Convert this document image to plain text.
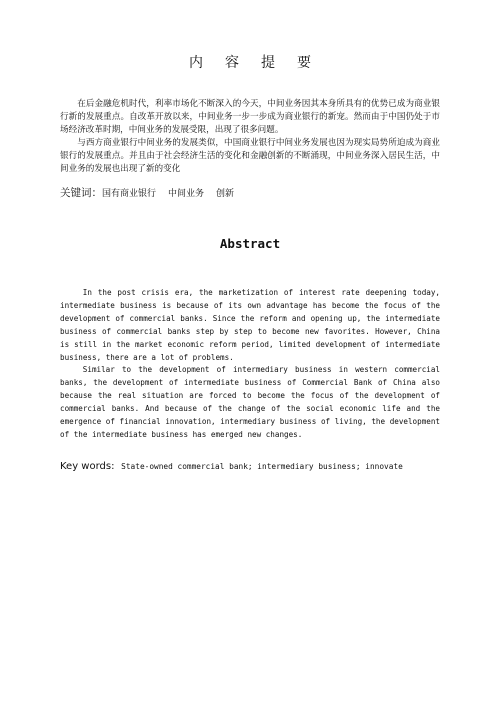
内容提要

在后金融危机时代，利率市场化不断深入的今天，中间业务因其本身所具有的优势已成为商业银行新的发展重点。自改革开放以来，中间业务一步一步成为商业银行的新宠。然而由于中国仍处于市场经济改革时期，中间业务的发展受限，出现了很多问题。

与西方商业银行中间业务的发展类似，中国商业银行中间业务发展也因为现实局势所迫成为商业银行的发展重点。并且由于社会经济生活的变化和金融创新的不断涌现，中间业务深入居民生活，中间业务的发展也出现了新的变化

关键词：国有商业银行 中间业务 创新
Abstract

In the post crisis era, the marketization of interest rate deepening today, intermediate business is because of its own advantage has become the focus of the development of commercial banks. Since the reform and opening up, the intermediate business of commercial banks step by step to become new favorites. However, China is still in the market economic reform period, limited development of intermediate business, there are a lot of problems.

Similar to the development of intermediary business in western commercial banks, the development of intermediate business of Commercial Bank of China also because the real situation are forced to become the focus of the development of commercial banks. And because of the change of the social economic life and the emergence of financial innovation, intermediary business of living, the development of the intermediate business has emerged new changes.

Key words: State-owned commercial bank; intermediary business; innovate
